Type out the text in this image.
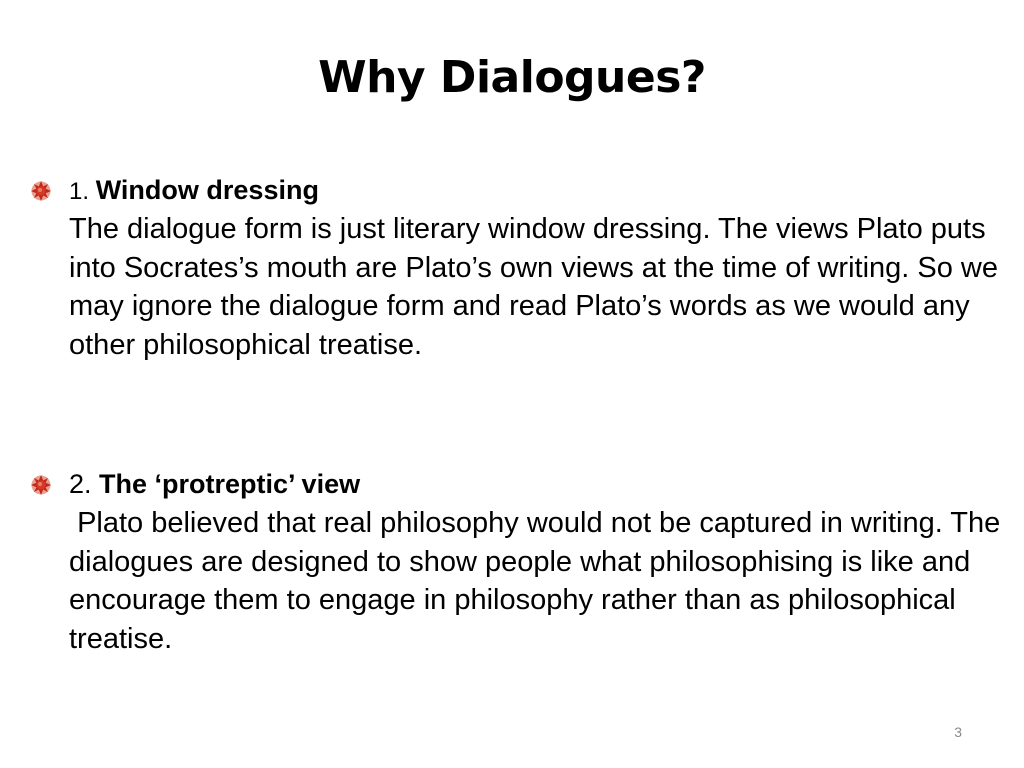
Why Dialogues?
1. Window dressing

The dialogue form is just literary window dressing. The views Plato puts into Socrates’s mouth are Plato’s own views at the time of writing. So we may ignore the dialogue form and read Plato’s words as we would any other philosophical treatise.

2. The ‘protreptic’ view

Plato believed that real philosophy would not be captured in writing. The dialogues are designed to show people what philosophising is like and encourage them to engage in philosophy rather than as philosophical treatise.

3
